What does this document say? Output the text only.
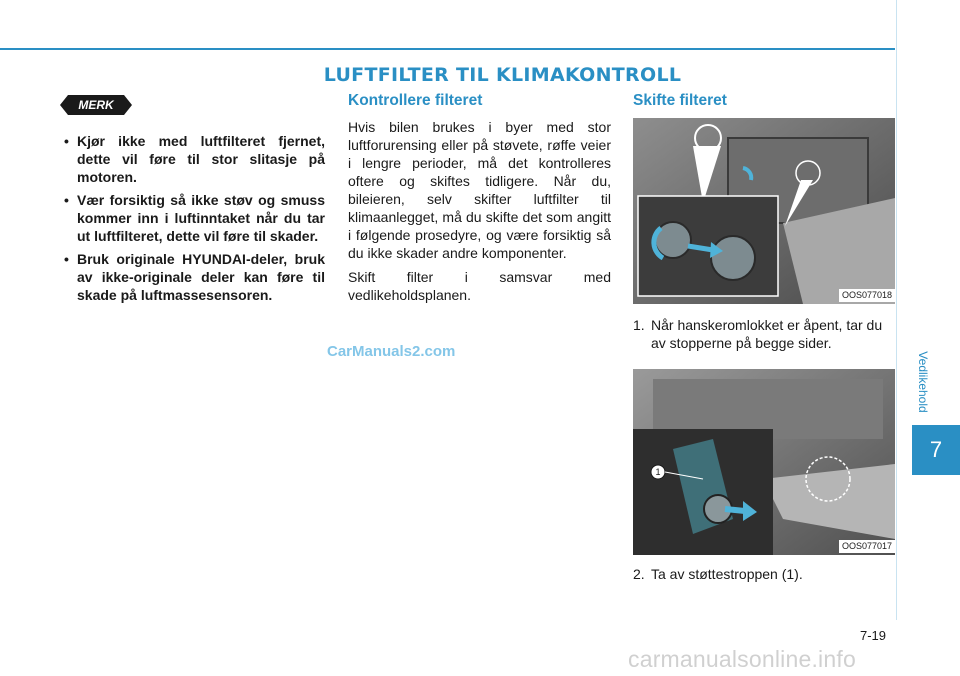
LUFTFILTER TIL KLIMAKONTROLL
Vedlikehold
7
MERK
• Kjør ikke med luftfilteret fjernet, dette vil føre til stor slitasje på motoren.
• Vær forsiktig så ikke støv og smuss kommer inn i luftinntaket når du tar ut luftfilteret, dette vil føre til skader.
• Bruk originale HYUNDAI-deler, bruk av ikke-originale deler kan føre til skade på luftmassesensoren.
Kontrollere filteret

Hvis bilen brukes i byer med stor luftforurensing eller på støvete, røffe veier i lengre perioder, må det kontrolleres oftere og skiftes tidligere. Når du, bileieren, selv skifter luftfilter til klimaanlegget, må du skifte det som angitt i følgende prosedyre, og være forsiktig så du ikke skader andre komponenter.

Skift filter i samsvar med vedlikeholdsplanen.

Skifte filteret
OOS077018
1. Når hanskeromlokket er åpent, tar du av stopperne på begge sider.
1
OOS077017
2. Ta av støttestroppen (1).
CarManuals2.com
7-19
carmanualsonline.info
